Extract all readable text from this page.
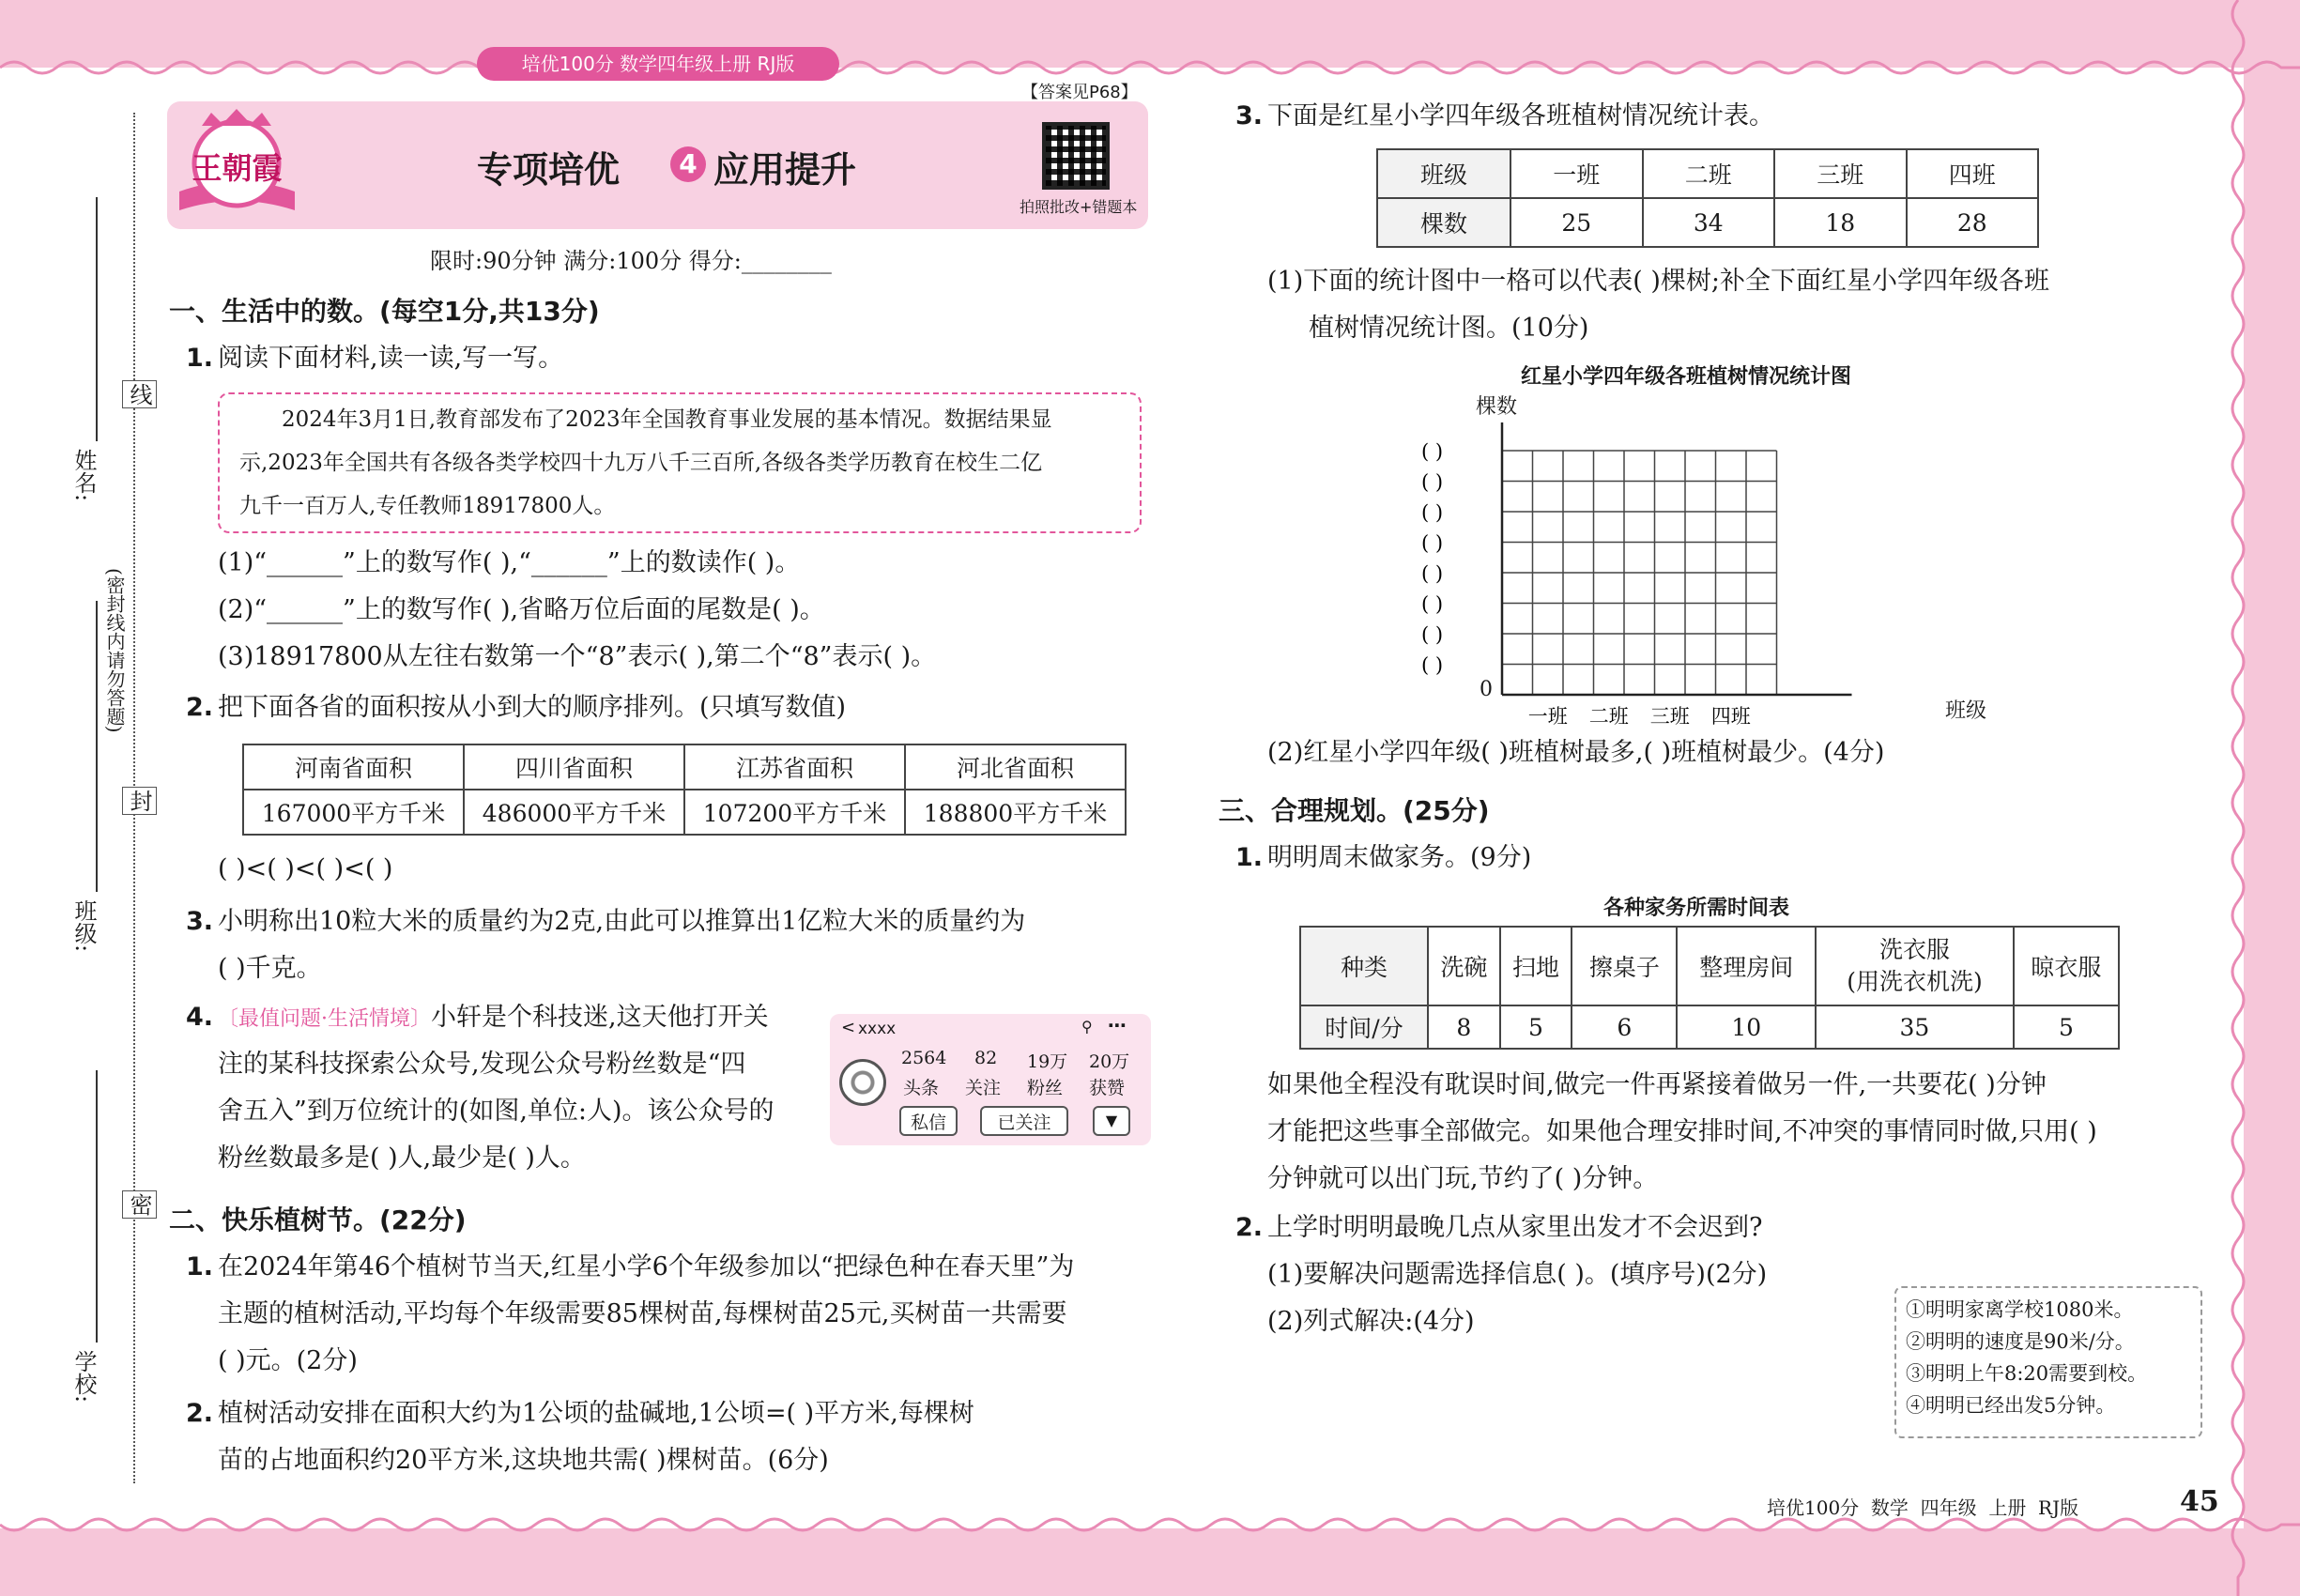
培优100分 数学四年级上册 RJ版
姓名:
班级:
学校:
线
(密封线内请勿答题)
封
密
王朝霞	专项培优	4 应用提升
【答案见P68】
拍照批改+错题本
限时:90分钟 满分:100分 得分:________
一、生活中的数。(每空1分,共13分)
1. 阅读下面材料,读一读,写一写。
2024年3月1日,教育部发布了2023年全国教育事业发展的基本情况。数据结果显
示,2023年全国共有各级各类学校四十九万八千三百所,各级各类学历教育在校生二亿
九千一百万人,专任教师18917800人。
(1)“______”上的数写作( ),“______”上的数读作( )。
(2)“______”上的数写作( ),省略万位后面的尾数是( )。
(3)18917800从左往右数第一个“8”表示( ),第二个“8”表示( )。
2. 把下面各省的面积按从小到大的顺序排列。(只填写数值)
河南省面积	四川省面积	江苏省面积	河北省面积
167000平方千米	486000平方千米	107200平方千米	188800平方千米
( )<( )<( )<( )
3. 小明称出10粒大米的质量约为2克,由此可以推算出1亿粒大米的质量约为
( )千克。
4. 〔最值问题·生活情境〕小轩是个科技迷,这天他打开关
注的某科技探索公众号,发现公众号粉丝数是“四
舍五入”到万位统计的(如图,单位:人)。该公众号的
粉丝数最多是( )人,最少是( )人。
< xxxx	⚲ ⋯
2564 82 19万 20万
头条 关注 粉丝 获赞
私信	已关注	▼
二、快乐植树节。(22分)
1. 在2024年第46个植树节当天,红星小学6个年级参加以“把绿色种在春天里”为
主题的植树活动,平均每个年级需要85棵树苗,每棵树苗25元,买树苗一共需要
( )元。(2分)
2. 植树活动安排在面积大约为1公顷的盐碱地,1公顷=( )平方米,每棵树
苗的占地面积约20平方米,这块地共需( )棵树苗。(6分)
3. 下面是红星小学四年级各班植树情况统计表。
班级	一班	二班	三班	四班
棵数	25	34	18	28
(1)下面的统计图中一格可以代表( )棵树;补全下面红星小学四年级各班
植树情况统计图。(10分)
红星小学四年级各班植树情况统计图
棵数
班级
0
( )
( )
( )
( )
( )
( )
( )
( )
一班 二班 三班 四班
(2)红星小学四年级( )班植树最多,( )班植树最少。(4分)
三、合理规划。(25分)
1. 明明周末做家务。(9分)
各种家务所需时间表
种类	洗碗	扫地	擦桌子	整理房间	洗衣服
(用洗衣机洗)	晾衣服
时间/分	8	5	6	10	35	5
如果他全程没有耽误时间,做完一件再紧接着做另一件,一共要花( )分钟
才能把这些事全部做完。如果他合理安排时间,不冲突的事情同时做,只用( )
分钟就可以出门玩,节约了( )分钟。
2. 上学时明明最晚几点从家里出发才不会迟到?
(1)要解决问题需选择信息( )。(填序号)(2分)
(2)列式解决:(4分)	①明明家离学校1080米。
②明明的速度是90米/分。
③明明上午8:20需要到校。
④明明已经出发5分钟。
培优100分  数学  四年级  上册  RJ版	45
